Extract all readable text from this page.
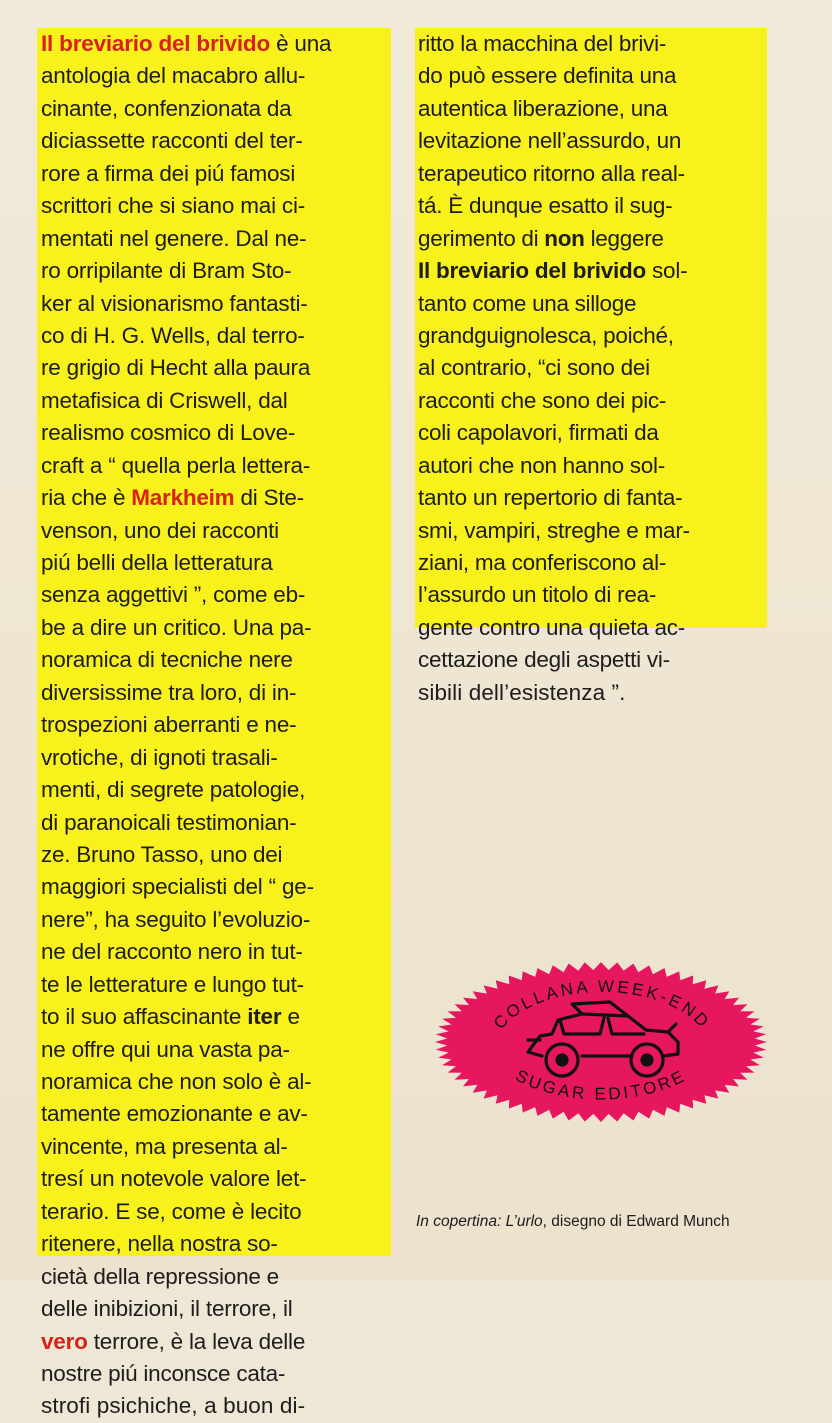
Il breviario del brivido è una
antologia del macabro allu-
cinante, confenzionata da
diciassette racconti del ter-
rore a firma dei piú famosi
scrittori che si siano mai ci-
mentati nel genere. Dal ne-
ro orripilante di Bram Sto-
ker al visionarismo fantasti-
co di H. G. Wells, dal terro-
re grigio di Hecht alla paura
metafisica di Criswell, dal
realismo cosmico di Love-
craft a “ quella perla lettera-
ria che è Markheim di Ste-
venson, uno dei racconti
piú belli della letteratura
senza aggettivi ”, come eb-
be a dire un critico. Una pa-
noramica di tecniche nere
diversissime tra loro, di in-
trospezioni aberranti e ne-
vrotiche, di ignoti trasali-
menti, di segrete patologie,
di paranoicali testimonian-
ze. Bruno Tasso, uno dei
maggiori specialisti del “ ge-
nere”, ha seguito l’evoluzio-
ne del racconto nero in tut-
te le letterature e lungo tut-
to il suo affascinante iter e
ne offre qui una vasta pa-
noramica che non solo è al-
tamente emozionante e av-
vincente, ma presenta al-
tresí un notevole valore let-
terario. E se, come è lecito
ritenere, nella nostra so-
cietà della repressione e
delle inibizioni, il terrore, il
vero terrore, è la leva delle
nostre piú inconsce cata-
strofi psichiche, a buon di-
ritto la macchina del brivi-
do può essere definita una
autentica liberazione, una
levitazione nell’assurdo, un
terapeutico ritorno alla real-
tá. È dunque esatto il sug-
gerimento di non leggere
Il breviario del brivido sol-
tanto come una silloge
grandguignolesca, poiché,
al contrario, “ci sono dei
racconti che sono dei pic-
coli capolavori, firmati da
autori che non hanno sol-
tanto un repertorio di fanta-
smi, vampiri, streghe e mar-
ziani, ma conferiscono al-
l’assurdo un titolo di rea-
gente contro una quieta ac-
cettazione degli aspetti vi-
sibili dell’esistenza ”.
COLLANA WEEK-END
SUGAR EDITORE
In copertina: L’urlo, disegno di Edward Munch
